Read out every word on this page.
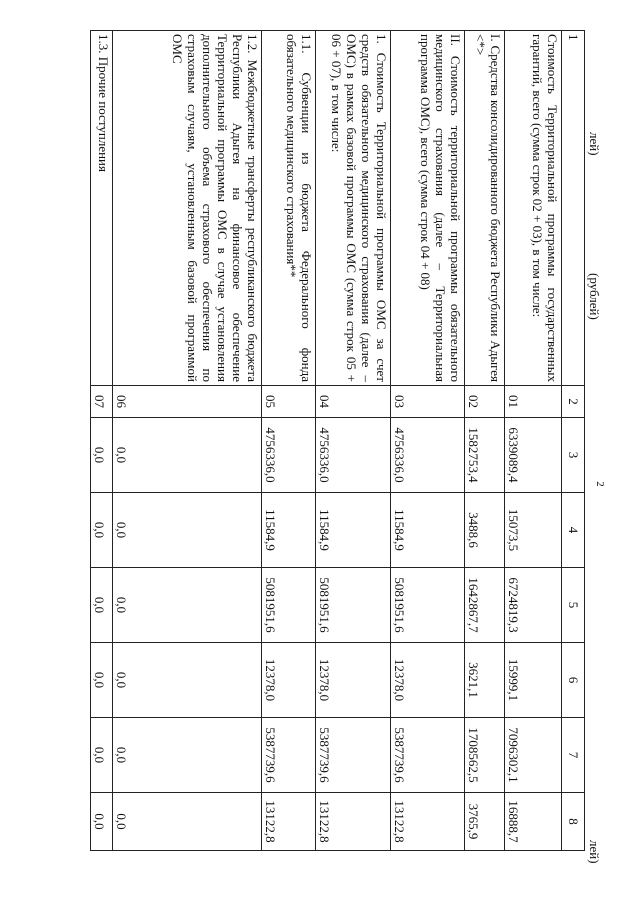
2
лей)
(рублей)
лей)
1	2	3	4	5	6	7	8
Стоимость Территориальной программы государственных гарантий, всего (сумма строк 02 + 03), в том числе:	01	6339089,4	15073,5	6724819,3	15999,1	7096302,1	16888,7
I. Средства консолидированного бюджета Республики Адыгея <*>	02	1582753,4	3488,6	1642867,7	3621,1	1708562,5	3765,9
II. Стоимость территориальной программы обязательного медицинского страхования (далее – Территориальная программа ОМС), всего (сумма строк 04 + 08)	03	4756336,0	11584,9	5081951,6	12378,0	5387739,6	13122,8
1. Стоимость Территориальной программы ОМС за счет средств обязательного медицинского страхования (далее – ОМС) в рамках базовой программы ОМС (сумма строк 05 + 06 + 07), в том числе:	04	4756336,0	11584,9	5081951,6	12378,0	5387739,6	13122,8
1.1. Субвенции из бюджета Федерального фонда обязательного медицинского страхования**	05	4756336,0	11584,9	5081951,6	12378,0	5387739,6	13122,8
1.2. Межбюджетные трансферты республиканского бюджета Республики Адыгея на финансовое обеспечение Территориальной программы ОМС в случае установления дополнительного объема страхового обеспечения по страховым случаям, установленным базовой программой ОМС	06	0,0	0,0	0,0	0,0	0,0	0,0
1.3. Прочие поступления	07	0,0	0,0	0,0	0,0	0,0	0,0
